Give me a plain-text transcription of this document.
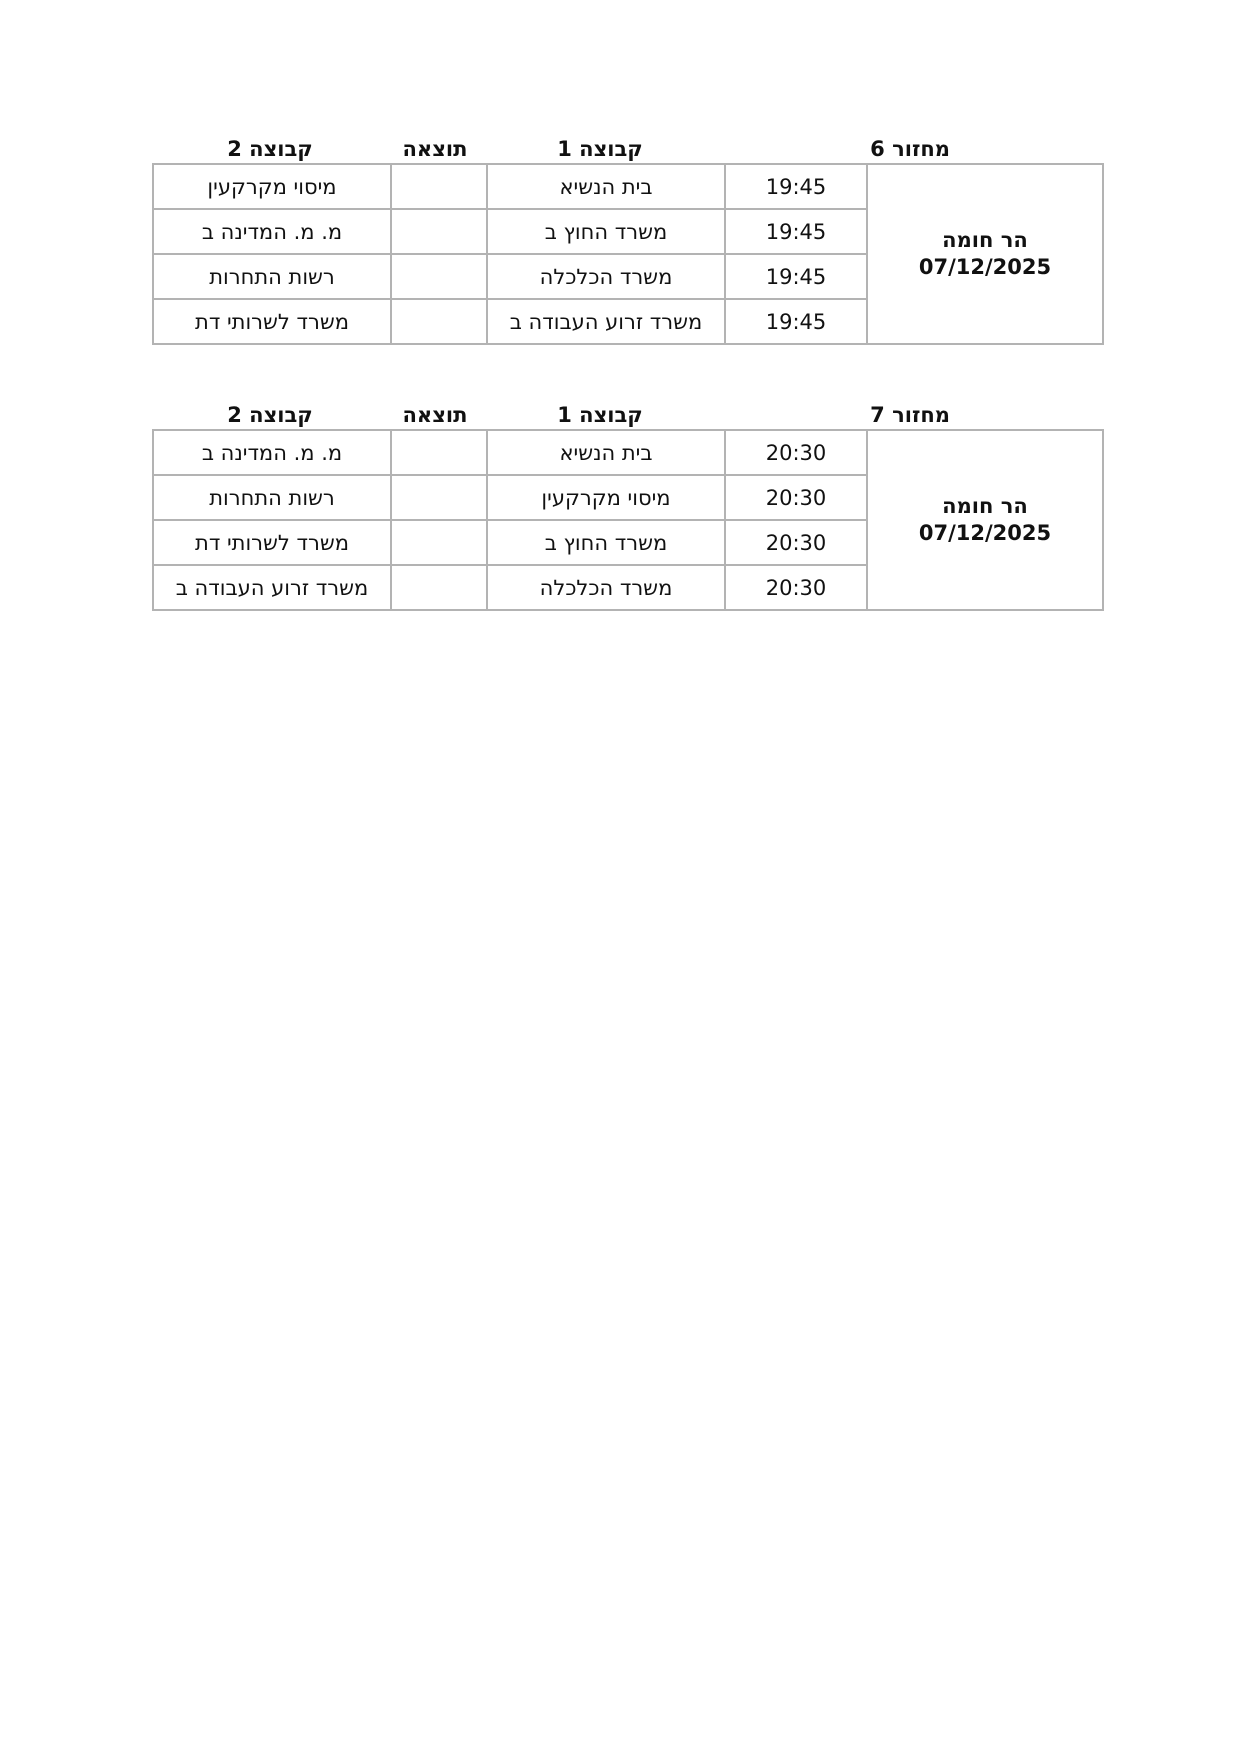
קבוצה 2	תוצאה	קבוצה 1	מחזור 6
מיסוי מקרקעין		בית הנשיא	19:45	הר חומה
07/12/2025

מ. מ. המדינה ב		משרד החוץ ב	19:45	
רשות התחרות		משרד הכלכלה	19:45	
משרד לשרותי דת		משרד זרוע העבודה ב	19:45	
קבוצה 2	תוצאה	קבוצה 1	מחזור 7
מ. מ. המדינה ב		בית הנשיא	20:30	הר חומה
07/12/2025

רשות התחרות		מיסוי מקרקעין	20:30	
משרד לשרותי דת		משרד החוץ ב	20:30	
משרד זרוע העבודה ב		משרד הכלכלה	20:30	
